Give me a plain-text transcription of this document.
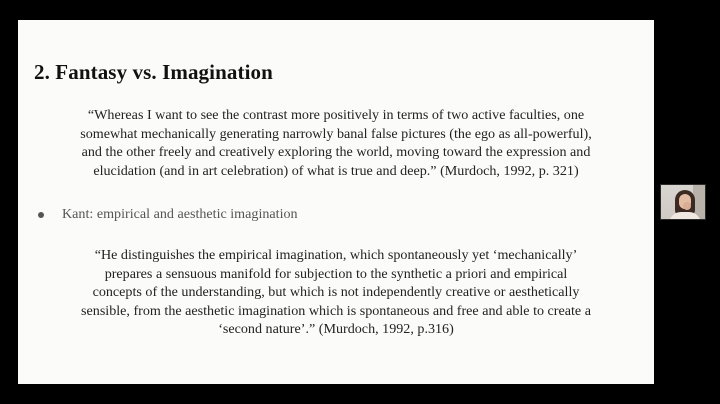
2. Fantasy vs. Imagination

“Whereas I want to see the contrast more positively in terms of two active faculties, one
somewhat mechanically generating narrowly banal false pictures (the ego as all-powerful),
and the other freely and creatively exploring the world, moving toward the expression and
elucidation (and in art celebration) of what is true and deep.” (Murdoch, 1992, p. 321)

Kant: empirical and aesthetic imagination

“He distinguishes the empirical imagination, which spontaneously yet ‘mechanically’
prepares a sensuous manifold for subjection to the synthetic a priori and empirical
concepts of the understanding, but which is not independently creative or aesthetically
sensible, from the aesthetic imagination which is spontaneous and free and able to create a
‘second nature’.” (Murdoch, 1992, p.316)
